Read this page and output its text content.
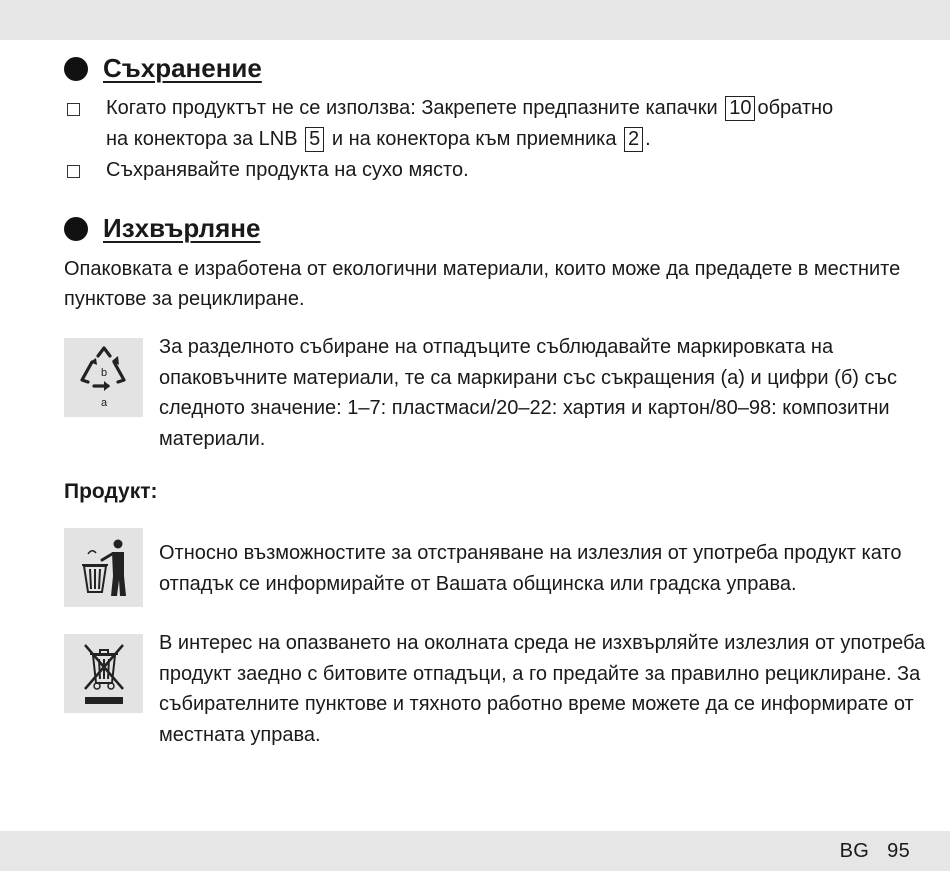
Съхранение
Когато продуктът не се използва: Закрепете предпазните капачки 10 обратно
на конектора за LNB 5 и на конектора към приемника 2 .
Съхранявайте продукта на сухо място.
Изхвърляне
Опаковката е изработена от екологични материали, които може да предадете в местните пунктове за рециклиране.
b
a
За разделното събиране на отпадъците съблюдавайте маркировката на опаковъчните материали, те са маркирани със съкращения (а) и цифри (б) със следното значение: 1–7: пластмаси/20–22: хартия и картон/80–98: композитни материали.
Продукт:
Относно възможностите за отстраняване на излезлия от употреба продукт като отпадък се информирайте от Вашата общинска или градска управа.
В интерес на опазването на околната среда не изхвърляйте излезлия от употреба продукт заедно с битовите отпадъци, а го предайте за правилно рециклиране. За събирателните пунктове и тяхното работно време можете да се информирате от местната управа.
BG 95
